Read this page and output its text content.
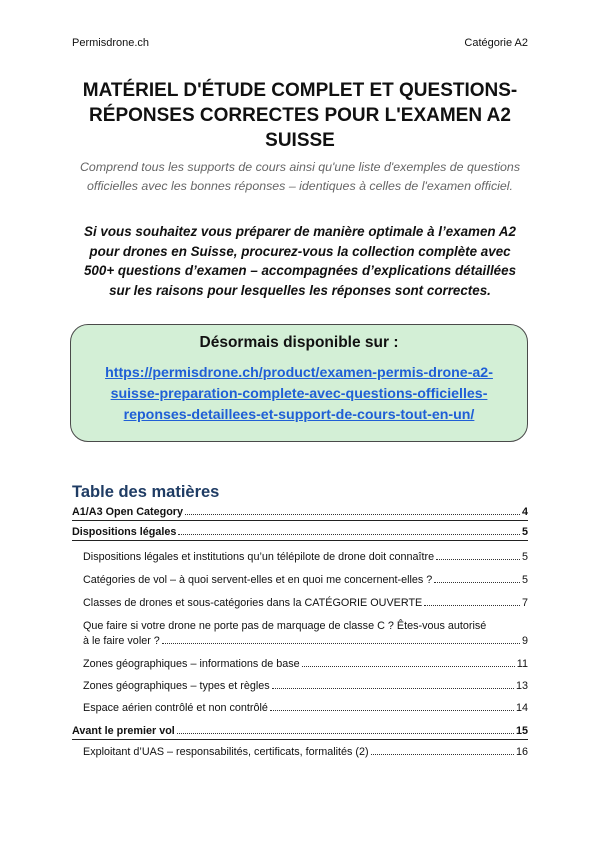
Permisdrone.ch	Catégorie A2
MATÉRIEL D'ÉTUDE COMPLET ET QUESTIONS-RÉPONSES CORRECTES POUR L'EXAMEN A2 SUISSE
Comprend tous les supports de cours ainsi qu'une liste d'exemples de questions officielles avec les bonnes réponses – identiques à celles de l'examen officiel.
Si vous souhaitez vous préparer de manière optimale à l’examen A2 pour drones en Suisse, procurez-vous la collection complète avec 500+ questions d’examen – accompagnées d’explications détaillées sur les raisons pour lesquelles les réponses sont correctes.
Désormais disponible sur :
https://permisdrone.ch/product/examen-permis-drone-a2-suisse-preparation-complete-avec-questions-officielles-reponses-detaillees-et-support-de-cours-tout-en-un/
Table des matières
A1/A3 Open Category	4
Dispositions légales	5
Dispositions légales et institutions qu’un télépilote de drone doit connaître	5
Catégories de vol – à quoi servent-elles et en quoi me concernent-elles ?	5
Classes de drones et sous-catégories dans la CATÉGORIE OUVERTE	7
Que faire si votre drone ne porte pas de marquage de classe C ? Êtes-vous autorisé
à le faire voler ?	9
Zones géographiques – informations de base	11
Zones géographiques – types et règles	13
Espace aérien contrôlé et non contrôlé	14
Avant le premier vol	15
Exploitant d’UAS – responsabilités, certificats, formalités (2)	16
